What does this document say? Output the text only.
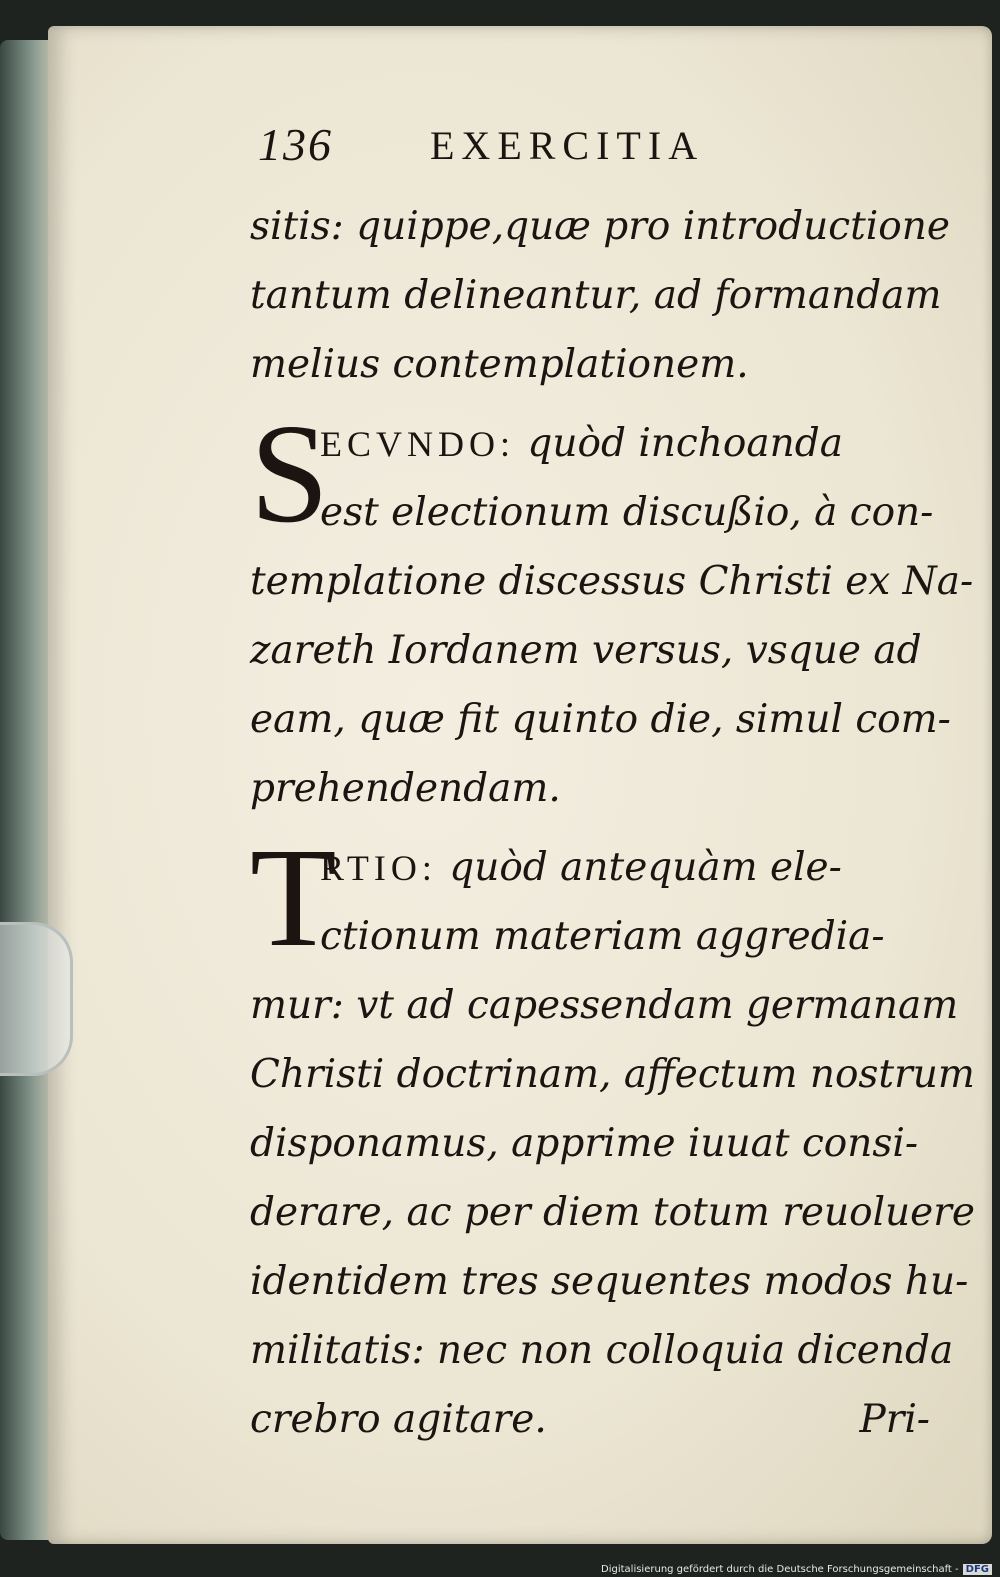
136 EXERCITIA
sitis: quippe,quæ pro introductione
tantum delineantur, ad formandam
melius contemplationem.
S
ECVNDO: quòd inchoanda
est electionum discußio, à con-
templatione discessus Christi ex Na-
zareth Iordanem versus, vsque ad
eam, quæ fit quinto die, simul com-
prehendendam.
T
RTIO: quòd antequàm ele-
ctionum materiam aggredia-
mur: vt ad capessendam germanam
Christi doctrinam, affectum nostrum
disponamus, apprime iuuat consi-
derare, ac per diem totum reuoluere
identidem tres sequentes modos hu-
militatis: nec non colloquia dicenda
crebro agitare.	Pri-
Digitalisierung gefördert durch die Deutsche Forschungsgemeinschaft - DFG
